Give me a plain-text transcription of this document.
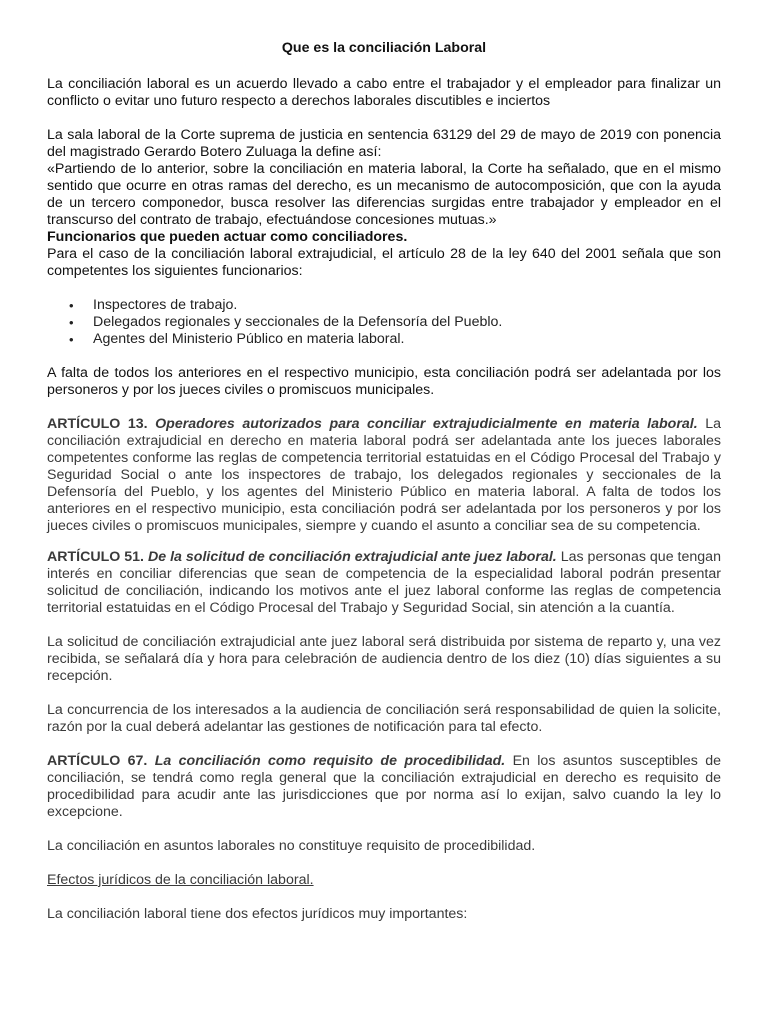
Que es la conciliación Laboral

La conciliación laboral es un acuerdo llevado a cabo entre el trabajador y el empleador para finalizar un conflicto o evitar uno futuro respecto a derechos laborales discutibles e inciertos

La sala laboral de la Corte suprema de justicia en sentencia 63129 del 29 de mayo de 2019 con ponencia del magistrado Gerardo Botero Zuluaga la define así:

«Partiendo de lo anterior, sobre la conciliación en materia laboral, la Corte ha señalado, que en el mismo sentido que ocurre en otras ramas del derecho, es un mecanismo de autocomposición, que con la ayuda de un tercero componedor, busca resolver las diferencias surgidas entre trabajador y empleador en el transcurso del contrato de trabajo, efectuándose concesiones mutuas.»

Funcionarios que pueden actuar como conciliadores.

Para el caso de la conciliación laboral extrajudicial, el artículo 28 de la ley 640 del 2001 señala que son competentes los siguientes funcionarios:

• Inspectores de trabajo.
• Delegados regionales y seccionales de la Defensoría del Pueblo.
• Agentes del Ministerio Público en materia laboral.

A falta de todos los anteriores en el respectivo municipio, esta conciliación podrá ser adelantada por los personeros y por los jueces civiles o promiscuos municipales.

ARTÍCULO 13. Operadores autorizados para conciliar extrajudicialmente en materia laboral. La conciliación extrajudicial en derecho en materia laboral podrá ser adelantada ante los jueces laborales competentes conforme las reglas de competencia territorial estatuidas en el Código Procesal del Trabajo y Seguridad Social o ante los inspectores de trabajo, los delegados regionales y seccionales de la Defensoría del Pueblo, y los agentes del Ministerio Público en materia laboral. A falta de todos los anteriores en el respectivo municipio, esta conciliación podrá ser adelantada por los personeros y por los jueces civiles o promiscuos municipales, siempre y cuando el asunto a conciliar sea de su competencia.

ARTÍCULO 51. De la solicitud de conciliación extrajudicial ante juez laboral. Las personas que tengan interés en conciliar diferencias que sean de competencia de la especialidad laboral podrán presentar solicitud de conciliación, indicando los motivos ante el juez laboral conforme las reglas de competencia territorial estatuidas en el Código Procesal del Trabajo y Seguridad Social, sin atención a la cuantía.

La solicitud de conciliación extrajudicial ante juez laboral será distribuida por sistema de reparto y, una vez recibida, se señalará día y hora para celebración de audiencia dentro de los diez (10) días siguientes a su recepción.

La concurrencia de los interesados a la audiencia de conciliación será responsabilidad de quien la solicite, razón por la cual deberá adelantar las gestiones de notificación para tal efecto.

ARTÍCULO 67. La conciliación como requisito de procedibilidad. En los asuntos susceptibles de conciliación, se tendrá como regla general que la conciliación extrajudicial en derecho es requisito de procedibilidad para acudir ante las jurisdicciones que por norma así lo exijan, salvo cuando la ley lo excepcione.

La conciliación en asuntos laborales no constituye requisito de procedibilidad.

Efectos jurídicos de la conciliación laboral.

La conciliación laboral tiene dos efectos jurídicos muy importantes:
